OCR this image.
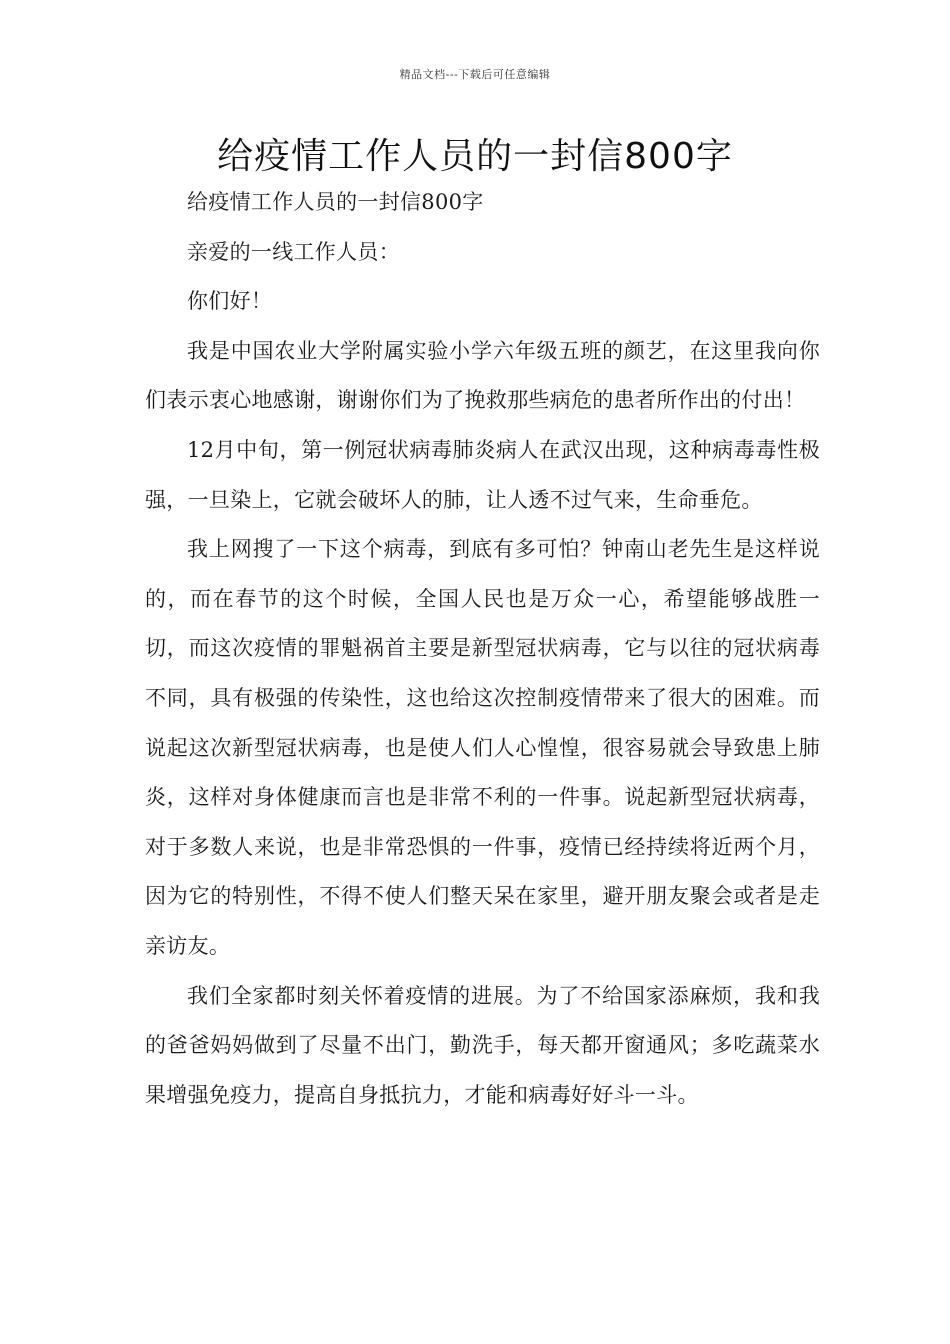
精品文档---下载后可任意编辑
给疫情工作人员的一封信800字

给疫情工作人员的一封信800字

亲爱的一线工作人员：

你们好！

我是中国农业大学附属实验小学六年级五班的颜艺，在这里我向你们表示衷心地感谢，谢谢你们为了挽救那些病危的患者所作出的付出！

12月中旬，第一例冠状病毒肺炎病人在武汉出现，这种病毒毒性极强，一旦染上，它就会破坏人的肺，让人透不过气来，生命垂危。

我上网搜了一下这个病毒，到底有多可怕？钟南山老先生是这样说的，而在春节的这个时候，全国人民也是万众一心，希望能够战胜一切，而这次疫情的罪魁祸首主要是新型冠状病毒，它与以往的冠状病毒不同，具有极强的传染性，这也给这次控制疫情带来了很大的困难。而说起这次新型冠状病毒，也是使人们人心惶惶，很容易就会导致患上肺炎，这样对身体健康而言也是非常不利的一件事。说起新型冠状病毒，对于多数人来说，也是非常恐惧的一件事，疫情已经持续将近两个月，因为它的特别性，不得不使人们整天呆在家里，避开朋友聚会或者是走亲访友。

我们全家都时刻关怀着疫情的进展。为了不给国家添麻烦，我和我的爸爸妈妈做到了尽量不出门，勤洗手，每天都开窗通风；多吃蔬菜水果增强免疫力，提高自身抵抗力，才能和病毒好好斗一斗。
